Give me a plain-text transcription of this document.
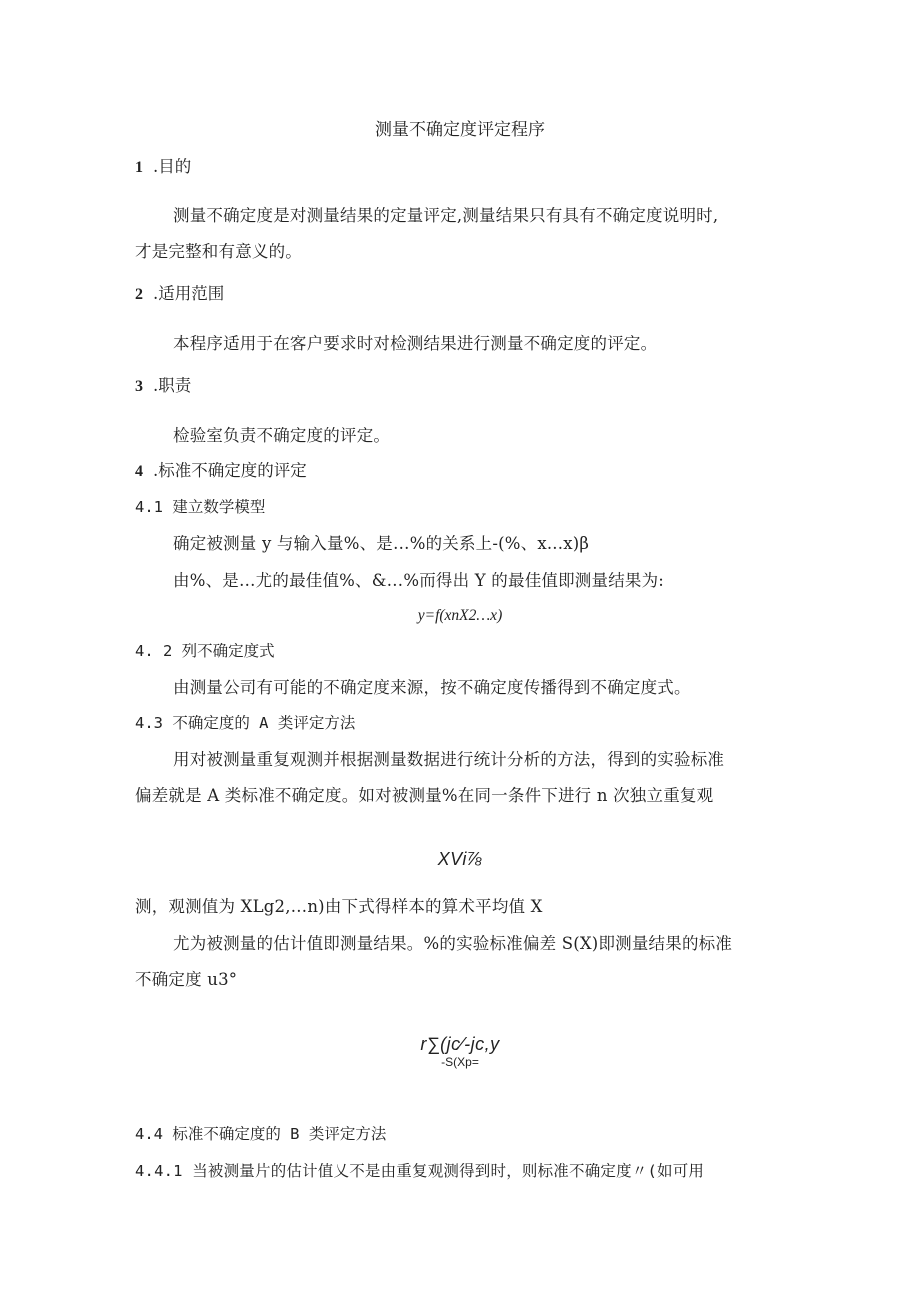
测量不确定度评定程序
1 .目的
测量不确定度是对测量结果的定量评定,测量结果只有具有不确定度说明时,
才是完整和有意义的。
2 .适用范围
本程序适用于在客户要求时对检测结果进行测量不确定度的评定。
3 .职责
检验室负责不确定度的评定。
4 .标准不确定度的评定
4.1 建立数学模型
确定被测量 y 与输入量%、是…%的关系上-(%、x...x)β
由%、是…尤的最佳值%、&…%而得出 Y 的最佳值即测量结果为:
y=f(xnX2…x)
4. 2 列不确定度式
由测量公司有可能的不确定度来源，按不确定度传播得到不确定度式。
4.3 不确定度的 A 类评定方法
用对被测量重复观测并根据测量数据进行统计分析的方法，得到的实验标准
偏差就是 A 类标准不确定度。如对被测量%在同一条件下进行 n 次独立重复观
XVi⅞
测，观测值为 XLg2,…n)由下式得样本的算术平均值 X
尤为被测量的估计值即测量结果。%的实验标准偏差 S(X)即测量结果的标准
不确定度 u3°
r∑(jc⁄-jc,y
-S(Xp=
4.4 标准不确定度的 B 类评定方法
4.4.1 当被测量片的估计值乂不是由重复观测得到时，则标准不确定度〃(如可用
